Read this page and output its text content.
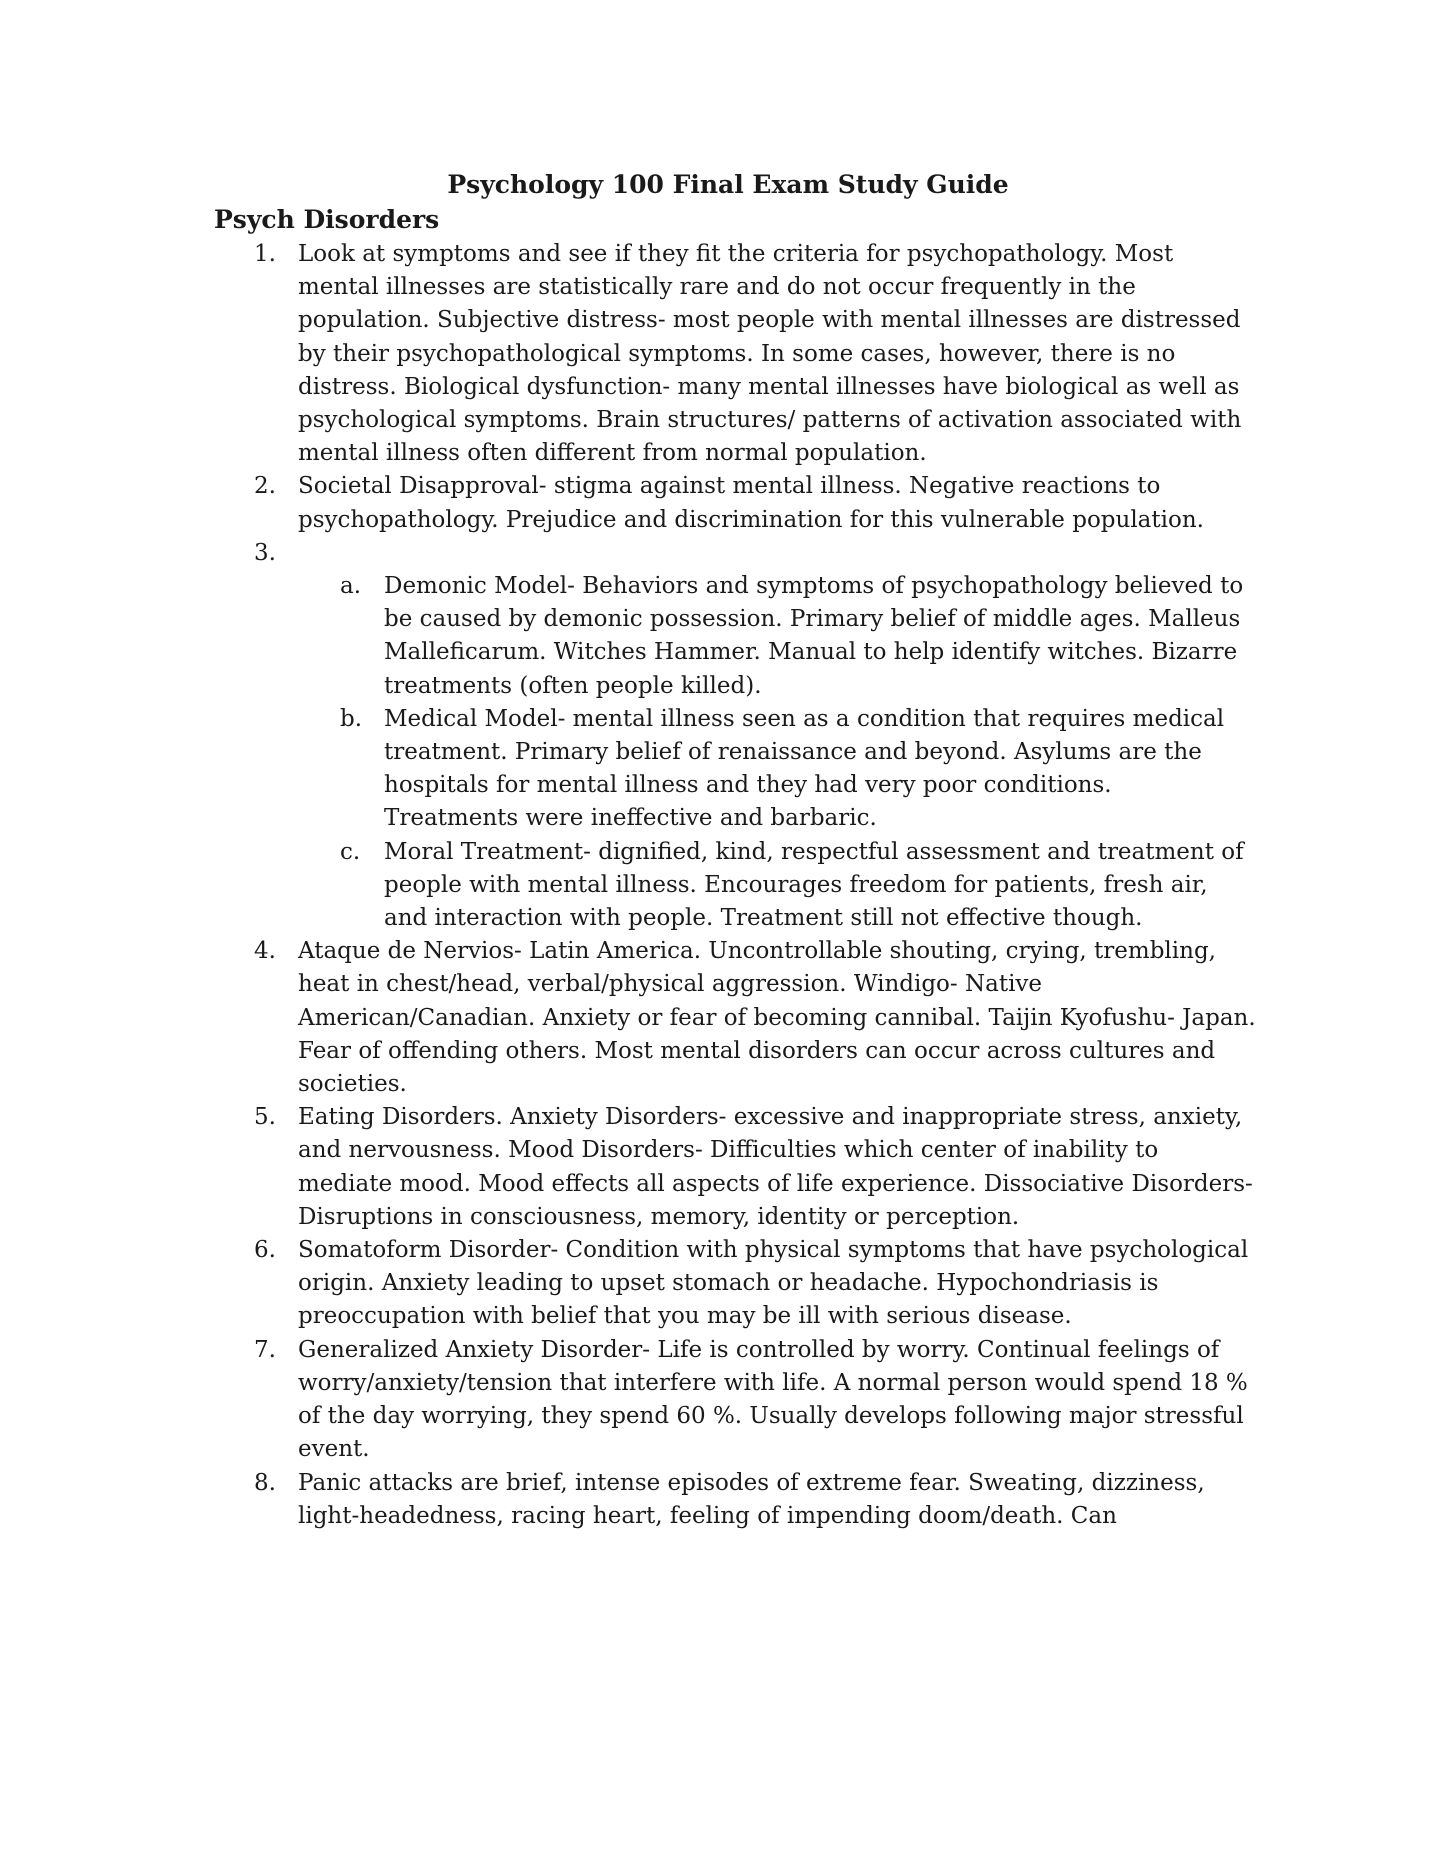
Psychology 100 Final Exam Study Guide
Psych Disorders
1. Look at symptoms and see if they fit the criteria for psychopathology. Most mental illnesses are statistically rare and do not occur frequently in the population. Subjective distress- most people with mental illnesses are distressed by their psychopathological symptoms. In some cases, however, there is no distress. Biological dysfunction- many mental illnesses have biological as well as psychological symptoms. Brain structures/ patterns of activation associated with mental illness often different from normal population.
2. Societal Disapproval- stigma against mental illness. Negative reactions to psychopathology. Prejudice and discrimination for this vulnerable population.
3.
a. Demonic Model- Behaviors and symptoms of psychopathology believed to be caused by demonic possession. Primary belief of middle ages. Malleus Malleficarum. Witches Hammer. Manual to help identify witches. Bizarre treatments (often people killed).
b. Medical Model- mental illness seen as a condition that requires medical treatment. Primary belief of renaissance and beyond. Asylums are the hospitals for mental illness and they had very poor conditions. Treatments were ineffective and barbaric.
c. Moral Treatment- dignified, kind, respectful assessment and treatment of people with mental illness. Encourages freedom for patients, fresh air, and interaction with people. Treatment still not effective though.
4. Ataque de Nervios- Latin America. Uncontrollable shouting, crying, trembling, heat in chest/head, verbal/physical aggression. Windigo- Native American/Canadian. Anxiety or fear of becoming cannibal. Taijin Kyofushu- Japan. Fear of offending others. Most mental disorders can occur across cultures and societies.
5. Eating Disorders. Anxiety Disorders- excessive and inappropriate stress, anxiety, and nervousness. Mood Disorders- Difficulties which center of inability to mediate mood. Mood effects all aspects of life experience. Dissociative Disorders- Disruptions in consciousness, memory, identity or perception.
6. Somatoform Disorder- Condition with physical symptoms that have psychological origin. Anxiety leading to upset stomach or headache. Hypochondriasis is preoccupation with belief that you may be ill with serious disease.
7. Generalized Anxiety Disorder- Life is controlled by worry. Continual feelings of worry/anxiety/tension that interfere with life. A normal person would spend 18 % of the day worrying, they spend 60 %. Usually develops following major stressful event.
8. Panic attacks are brief, intense episodes of extreme fear. Sweating, dizziness, light-headedness, racing heart, feeling of impending doom/death. Can
